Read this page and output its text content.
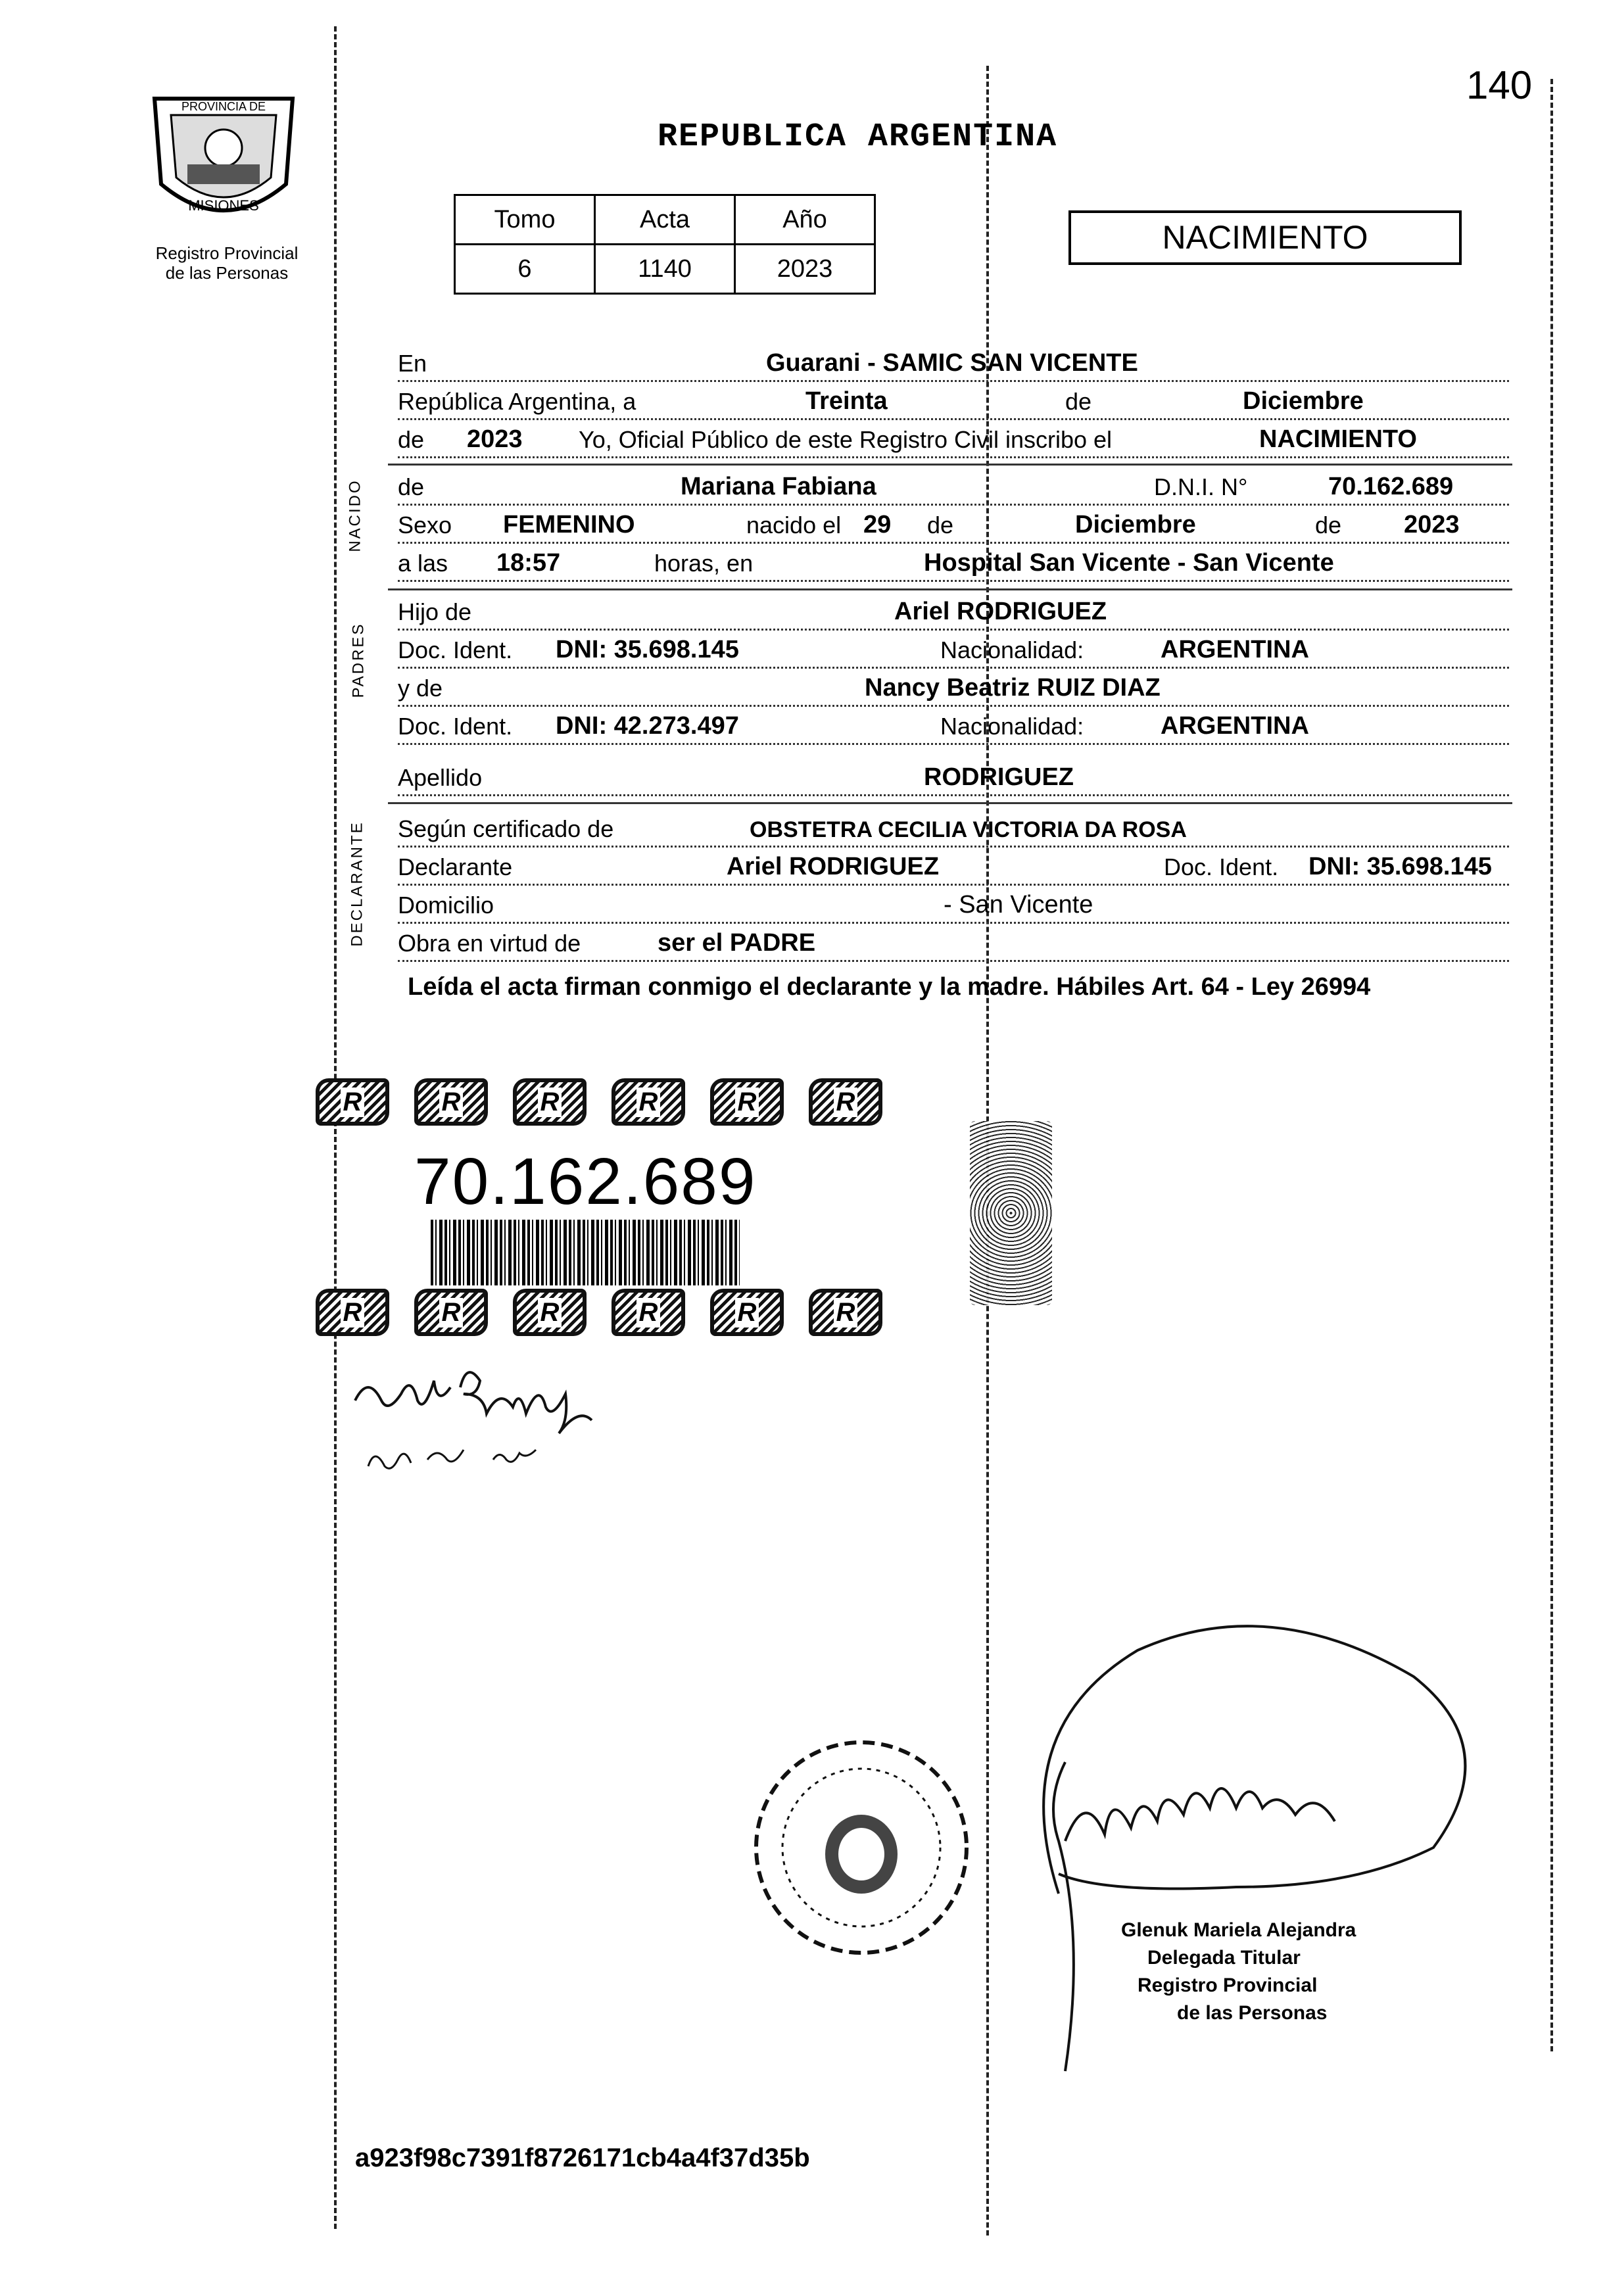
140
PROVINCIA DE
MISIONES
Registro Provincial
de las Personas
REPUBLICA ARGENTINA
Tomo	Acta	Año
6	1140	2023
NACIMIENTO
En	Guarani - SAMIC SAN VICENTE
República Argentina, a	Treinta	de	Diciembre
de 2023 Yo, Oficial Público de este Registro Civil inscribo el	NACIMIENTO
NACIDO de	Mariana Fabiana	D.N.I. N°	70.162.689
Sexo FEMENINO	nacido el 29 de	Diciembre	de 2023
a las 18:57	horas, en	Hospital San Vicente - San Vicente
PADRES
Hijo de	Ariel RODRIGUEZ
Doc. Ident. DNI: 35.698.145	Nacionalidad:	ARGENTINA
y de	Nancy Beatriz RUIZ DIAZ
Doc. Ident. DNI: 42.273.497	Nacionalidad:	ARGENTINA
Apellido	RODRIGUEZ
DECLARANTE Según certificado de	OBSTETRA CECILIA VICTORIA DA ROSA
Declarante	Ariel RODRIGUEZ	Doc. Ident. DNI: 35.698.145
Domicilio	- San Vicente
Obra en virtud de	ser el PADRE
Leída el acta firman conmigo el declarante y la madre. Hábiles Art. 64 - Ley 26994
R	R	R	R	R	R
70.162.689
R	R	R	R	R	R
Glenuk Mariela Alejandra
Delegada Titular
Registro Provincial
de las Personas
a923f98c7391f8726171cb4a4f37d35b
